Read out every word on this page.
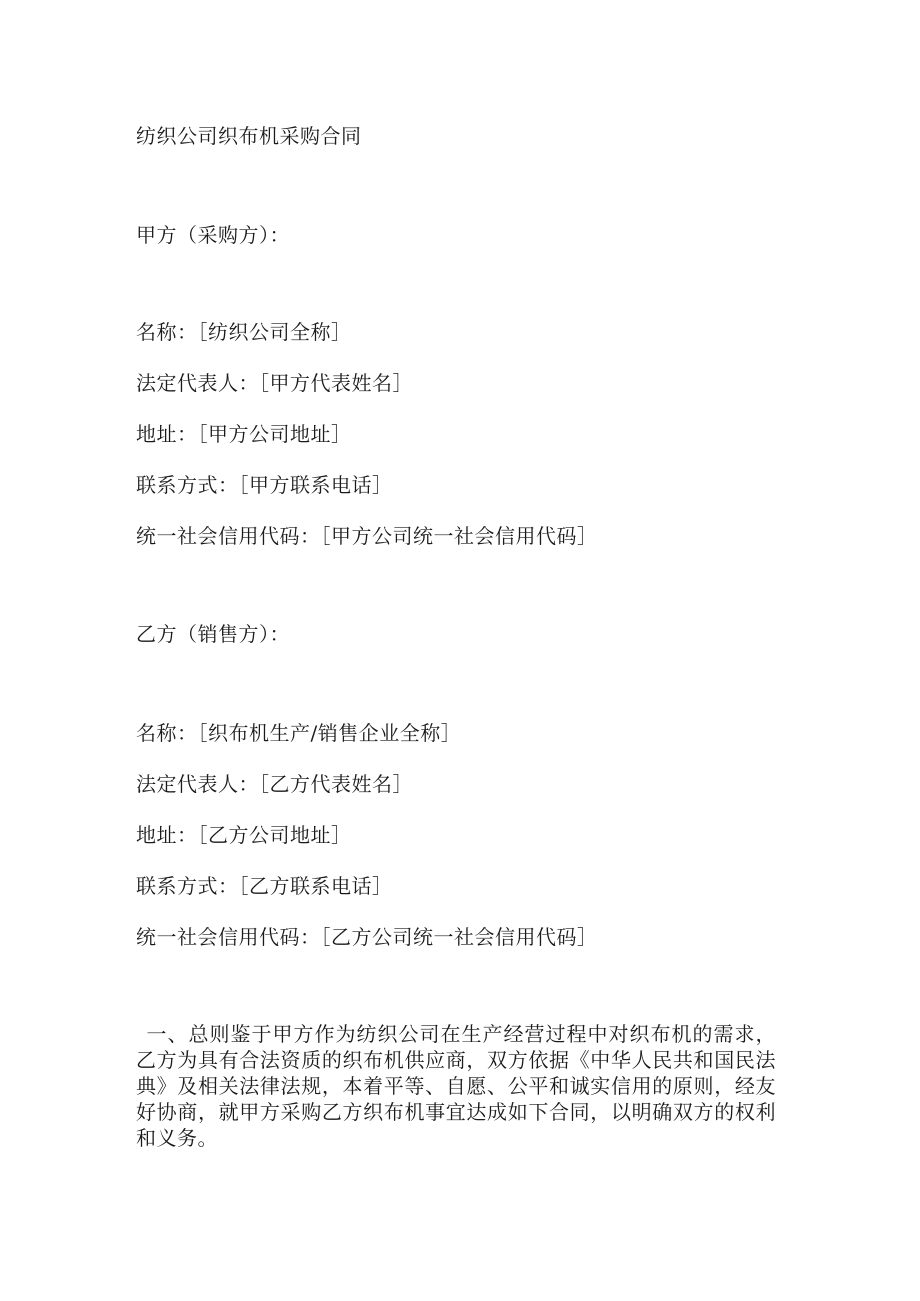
纺织公司织布机采购合同
甲方（采购方）：
名称：［纺织公司全称］
法定代表人：［甲方代表姓名］
地址：［甲方公司地址］
联系方式：［甲方联系电话］
统一社会信用代码：［甲方公司统一社会信用代码］
乙方（销售方）：
名称：［织布机生产/销售企业全称］
法定代表人：［乙方代表姓名］
地址：［乙方公司地址］
联系方式：［乙方联系电话］
统一社会信用代码：［乙方公司统一社会信用代码］
一、总则鉴于甲方作为纺织公司在生产经营过程中对织布机的需求，乙方为具有合法资质的织布机供应商，双方依据《中华人民共和国民法典》及相关法律法规，本着平等、自愿、公平和诚实信用的原则，经友好协商，就甲方采购乙方织布机事宜达成如下合同，以明确双方的权利和义务。
